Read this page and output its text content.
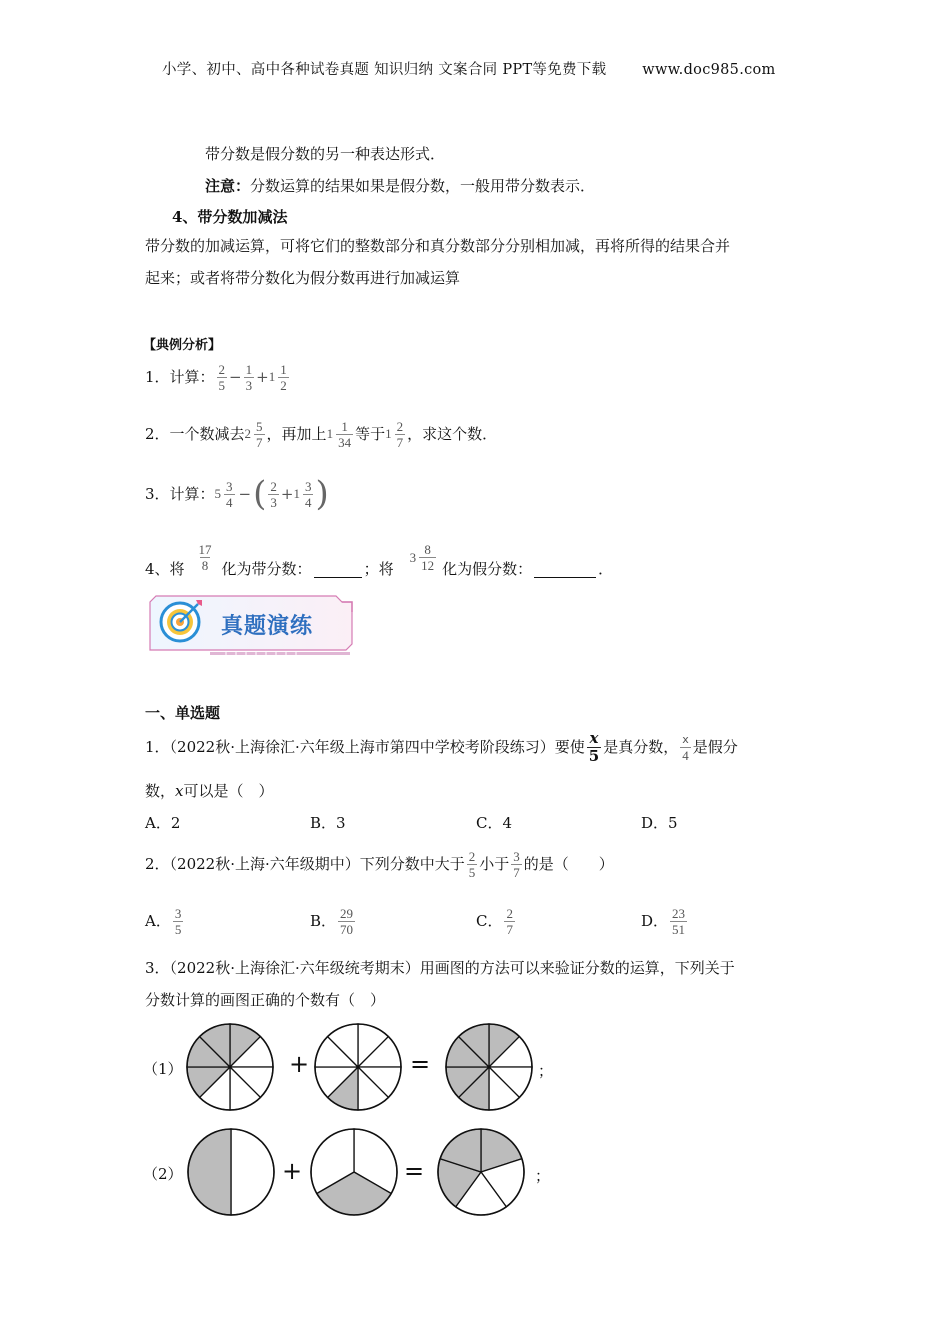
小学、初中、高中各种试卷真题 知识归纳 文案合同 PPT等免费下载 www.doc985.com
带分数是假分数的另一种表达形式．
注意：分数运算的结果如果是假分数，一般用带分数表示．
4、带分数加减法
带分数的加减运算，可将它们的整数部分和真分数部分分别相加减，再将所得的结果合并
起来；或者将带分数化为假分数再进行加减运算
【典例分析】
1．计算： $\frac{2}{5} - \frac{1}{3} + 1 \frac{1}{2}$
2．一个数减去 $2 \frac{5}{7}$ ，再加上 $1 \frac{1}{34}$ 等于 $1 \frac{2}{7}$ ，求这个数．
3．计算： $5 \frac{3}{4}$ − ( $\frac{2}{3} + 1 \frac{3}{4}$ )
4、将 $\frac{17}{8}$ 化为带分数：	；将
$3 \frac{8}{12}$ 化为假分数：	．
真题演练
一、单选题
1．（2022秋·上海徐汇·六年级上海市第四中学校考阶段练习）要使 $\frac{x}{5}$ 是真分数， $\frac{x}{4}$ 是假分
数，x可以是（　）
A．2	B．3	C．4	D．5
2．（2022秋·上海·六年级期中）下列分数中大于 $\frac{2}{5}$ 小于 $\frac{3}{7}$ 的是（　　）
A． $\frac{3}{5}$	B． $\frac{29}{70}$	C． $\frac{2}{7}$	D． $\frac{23}{51}$
3．（2022秋·上海徐汇·六年级统考期末）用画图的方法可以来验证分数的运算，下列关于
分数计算的画图正确的个数有（　）
（1）	+	=	；
（2）	+	=	；
